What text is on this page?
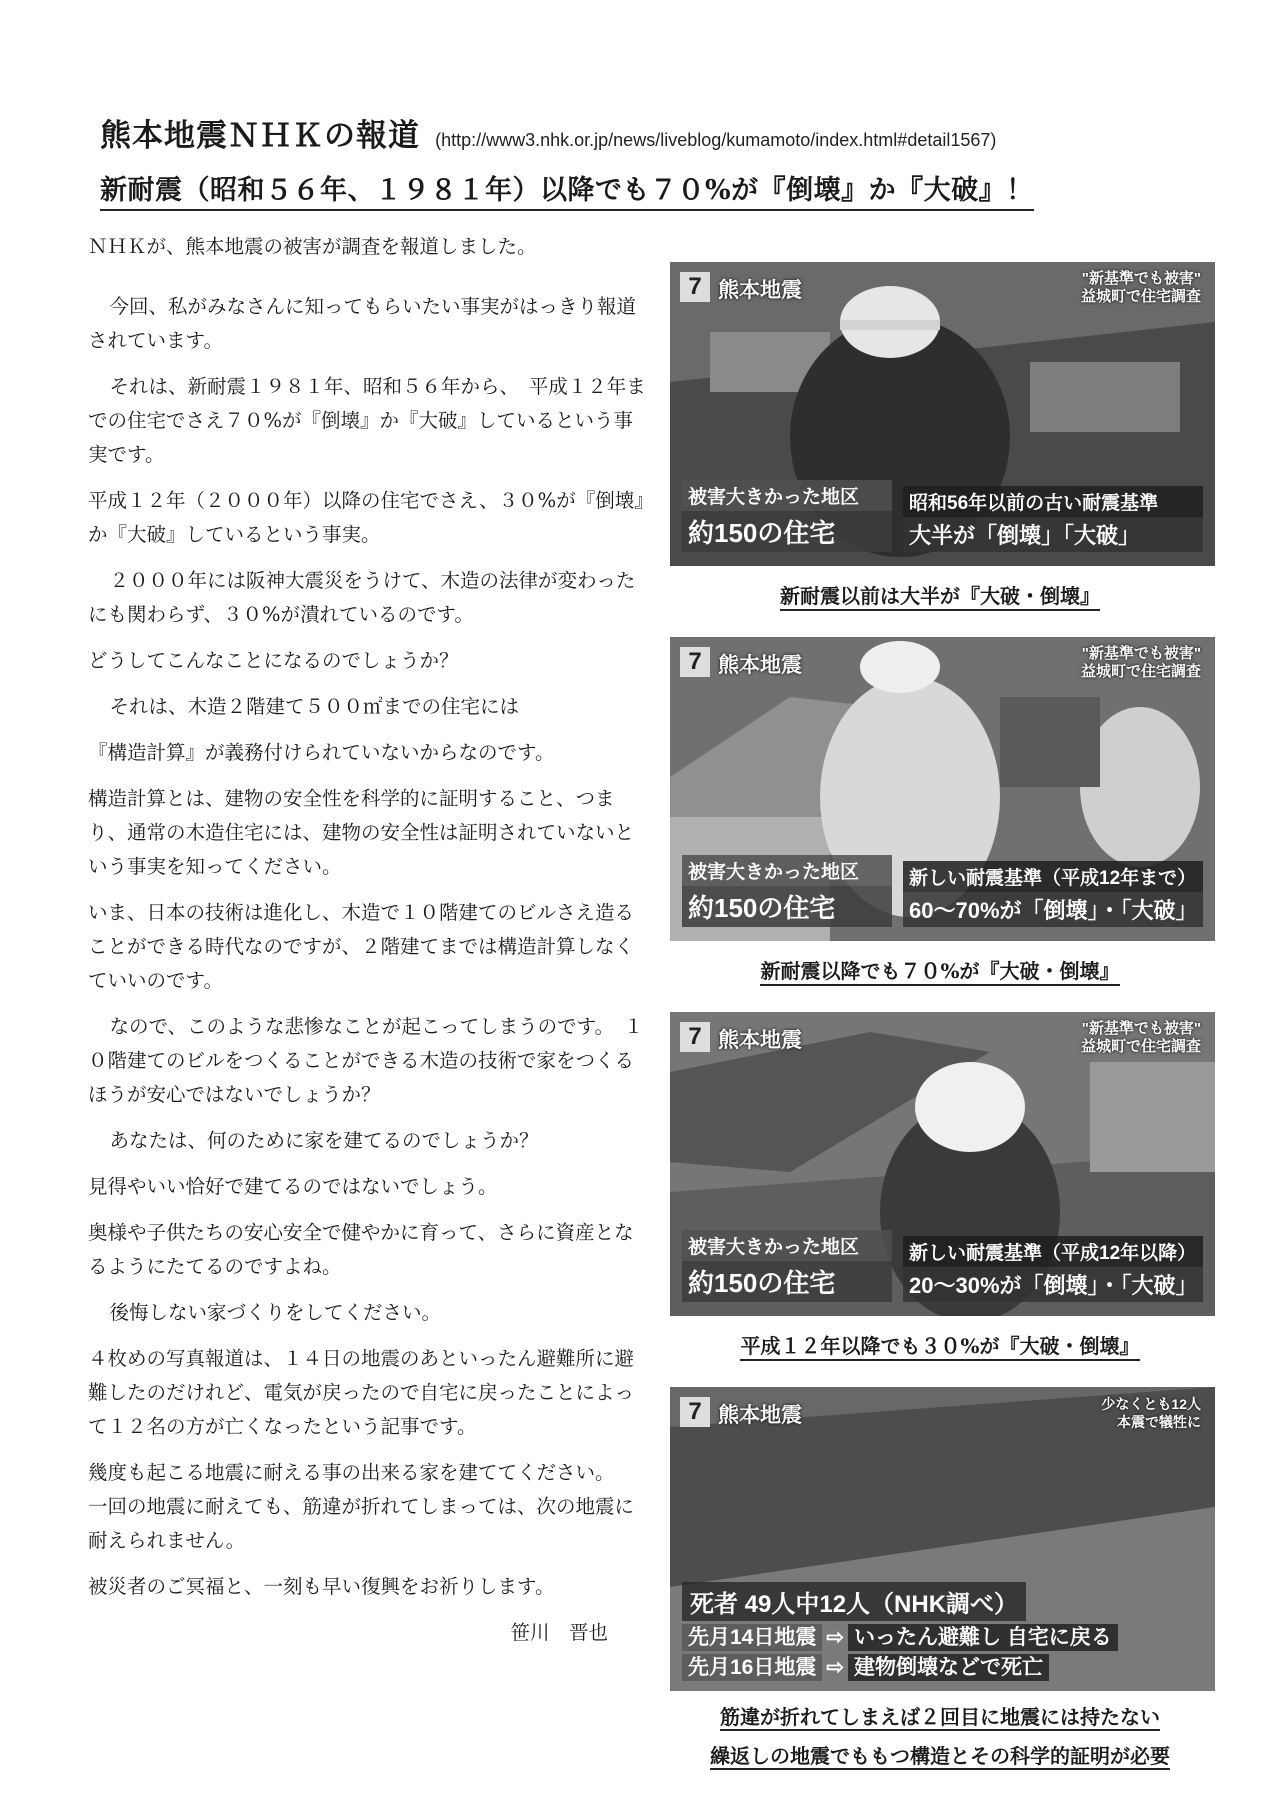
熊本地震ＮＨＫの報道 (http://www3.nhk.or.jp/news/liveblog/kumamoto/index.html#detail1567)
新耐震（昭和５６年、１９８１年）以降でも７０%が『倒壊』か『大破』！

ＮＨＫが、熊本地震の被害が調査を報道しました。

今回、私がみなさんに知ってもらいたい事実がはっきり報道されています。

それは、新耐震１９８１年、昭和５６年から、　平成１２年までの住宅でさえ７０%が『倒壊』か『大破』しているという事実です。

平成１２年（２０００年）以降の住宅でさえ、３０%が『倒壊』か『大破』しているという事実。

２０００年には阪神大震災をうけて、木造の法律が変わったにも関わらず、３０%が潰れているのです。

どうしてこんなことになるのでしょうか？

それは、木造２階建て５００㎡までの住宅には

『構造計算』が義務付けられていないからなのです。

構造計算とは、建物の安全性を科学的に証明すること、つまり、通常の木造住宅には、建物の安全性は証明されていないという事実を知ってください。

いま、日本の技術は進化し、木造で１０階建てのビルさえ造ることができる時代なのですが、２階建てまでは構造計算しなくていいのです。

なので、このような悲惨なことが起こってしまうのです。　１０階建てのビルをつくることができる木造の技術で家をつくるほうが安心ではないでしょうか？

あなたは、何のために家を建てるのでしょうか？

見得やいい恰好で建てるのではないでしょう。

奥様や子供たちの安心安全で健やかに育って、さらに資産となるようにたてるのですよね。

後悔しない家づくりをしてください。

４枚めの写真報道は、１４日の地震のあといったん避難所に避難したのだけれど、電気が戻ったので自宅に戻ったことによって１２名の方が亡くなったという記事です。

幾度も起こる地震に耐える事の出来る家を建ててください。　　一回の地震に耐えても、筋違が折れてしまっては、次の地震に耐えられません。

被災者のご冥福と、一刻も早い復興をお祈りします。

笹川　晋也

7 熊本地震
"新基準でも被害"
益城町で住宅調査
被害大きかった地区
約150の住宅
昭和56年以前の古い耐震基準
大半が「倒壊」「大破」
新耐震以前は大半が『大破・倒壊』
7 熊本地震
"新基準でも被害"
益城町で住宅調査
被害大きかった地区
約150の住宅
新しい耐震基準（平成12年まで）
60～70%が「倒壊」・「大破」
新耐震以降でも７０%が『大破・倒壊』
7 熊本地震
"新基準でも被害"
益城町で住宅調査
被害大きかった地区
約150の住宅
新しい耐震基準（平成12年以降）
20～30%が「倒壊」・「大破」
平成１２年以降でも３０%が『大破・倒壊』
7 熊本地震	少なくとも12人
本震で犠牲に
死者 49人中12人（NHK調べ）
先月14日地震 ⇨ いったん避難し 自宅に戻る
先月16日地震 ⇨ 建物倒壊などで死亡
筋違が折れてしまえば２回目に地震には持たない
繰返しの地震でももつ構造とその科学的証明が必要
